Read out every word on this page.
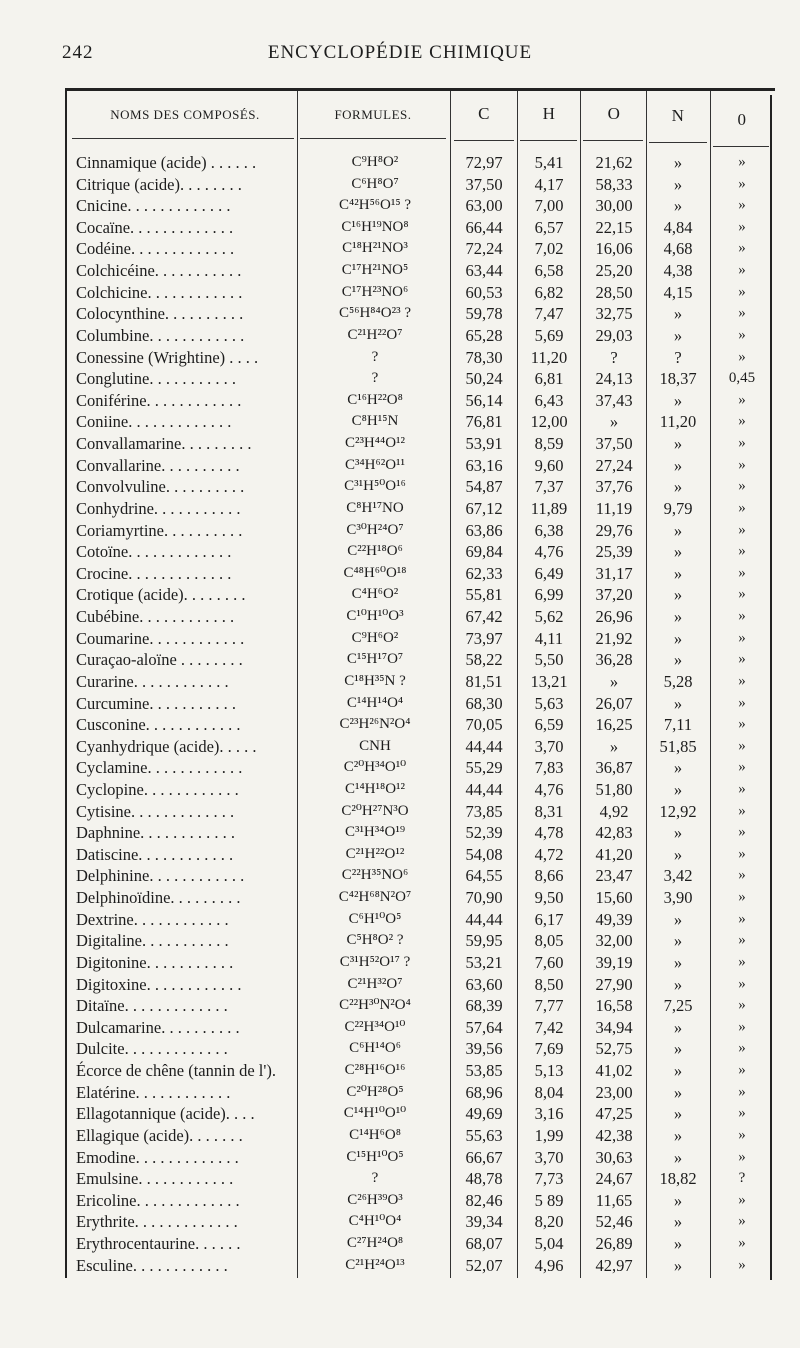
242	ENCYCLOPÉDIE CHIMIQUE
NOMS DES COMPOSÉS.	FORMULES.	C	H	O	N	0
Cinnamique (acide) . . . . . .	C⁹H⁸O²	72,97	5,41	21,62	»	»
Citrique (acide). . . . . . . .	C⁶H⁸O⁷	37,50	4,17	58,33	»	»
Cnicine. . . . . . . . . . . . .	C⁴²H⁵⁶O¹⁵ ?	63,00	7,00	30,00	»	»
Cocaïne. . . . . . . . . . . . .	C¹⁶H¹⁹NO⁸	66,44	6,57	22,15	4,84	»
Codéine. . . . . . . . . . . . .	C¹⁸H²¹NO³	72,24	7,02	16,06	4,68	»
Colchicéine. . . . . . . . . . .	C¹⁷H²¹NO⁵	63,44	6,58	25,20	4,38	»
Colchicine. . . . . . . . . . . .	C¹⁷H²³NO⁶	60,53	6,82	28,50	4,15	»
Colocynthine. . . . . . . . . .	C⁵⁶H⁸⁴O²³ ?	59,78	7,47	32,75	»	»
Columbine. . . . . . . . . . . .	C²¹H²²O⁷	65,28	5,69	29,03	»	»
Conessine (Wrightine) . . . .	?	78,30	11,20	?	?	»
Conglutine. . . . . . . . . . .	?	50,24	6,81	24,13	18,37	0,45
Coniférine. . . . . . . . . . . .	C¹⁶H²²O⁸	56,14	6,43	37,43	»	»
Coniine. . . . . . . . . . . . .	C⁸H¹⁵N	76,81	12,00	»	11,20	»
Convallamarine. . . . . . . . .	C²³H⁴⁴O¹²	53,91	8,59	37,50	»	»
Convallarine. . . . . . . . . .	C³⁴H⁶²O¹¹	63,16	9,60	27,24	»	»
Convolvuline. . . . . . . . . .	C³¹H⁵⁰O¹⁶	54,87	7,37	37,76	»	»
Conhydrine. . . . . . . . . . .	C⁸H¹⁷NO	67,12	11,89	11,19	9,79	»
Coriamyrtine. . . . . . . . . .	C³⁰H²⁴O⁷	63,86	6,38	29,76	»	»
Cotoïne. . . . . . . . . . . . .	C²²H¹⁸O⁶	69,84	4,76	25,39	»	»
Crocine. . . . . . . . . . . . .	C⁴⁸H⁶⁰O¹⁸	62,33	6,49	31,17	»	»
Crotique (acide). . . . . . . .	C⁴H⁶O²	55,81	6,99	37,20	»	»
Cubébine. . . . . . . . . . . .	C¹⁰H¹⁰O³	67,42	5,62	26,96	»	»
Coumarine. . . . . . . . . . . .	C⁹H⁶O²	73,97	4,11	21,92	»	»
Curaçao-aloïne . . . . . . . .	C¹⁵H¹⁷O⁷	58,22	5,50	36,28	»	»
Curarine. . . . . . . . . . . .	C¹⁸H³⁵N ?	81,51	13,21	»	5,28	»
Curcumine. . . . . . . . . . .	C¹⁴H¹⁴O⁴	68,30	5,63	26,07	»	»
Cusconine. . . . . . . . . . . .	C²³H²⁶N²O⁴	70,05	6,59	16,25	7,11	»
Cyanhydrique (acide). . . . .	CNH	44,44	3,70	»	51,85	»
Cyclamine. . . . . . . . . . . .	C²⁰H³⁴O¹⁰	55,29	7,83	36,87	»	»
Cyclopine. . . . . . . . . . . .	C¹⁴H¹⁸O¹²	44,44	4,76	51,80	»	»
Cytisine. . . . . . . . . . . . .	C²⁰H²⁷N³O	73,85	8,31	4,92	12,92	»
Daphnine. . . . . . . . . . . .	C³¹H³⁴O¹⁹	52,39	4,78	42,83	»	»
Datiscine. . . . . . . . . . . .	C²¹H²²O¹²	54,08	4,72	41,20	»	»
Delphinine. . . . . . . . . . . .	C²²H³⁵NO⁶	64,55	8,66	23,47	3,42	»
Delphinoïdine. . . . . . . . .	C⁴²H⁶⁸N²O⁷	70,90	9,50	15,60	3,90	»
Dextrine. . . . . . . . . . . .	C⁶H¹⁰O⁵	44,44	6,17	49,39	»	»
Digitaline. . . . . . . . . . .	C⁵H⁸O² ?	59,95	8,05	32,00	»	»
Digitonine. . . . . . . . . . .	C³¹H⁵²O¹⁷ ?	53,21	7,60	39,19	»	»
Digitoxine. . . . . . . . . . . .	C²¹H³²O⁷	63,60	8,50	27,90	»	»
Ditaïne. . . . . . . . . . . . .	C²²H³⁰N²O⁴	68,39	7,77	16,58	7,25	»
Dulcamarine. . . . . . . . . .	C²²H³⁴O¹⁰	57,64	7,42	34,94	»	»
Dulcite. . . . . . . . . . . . .	C⁶H¹⁴O⁶	39,56	7,69	52,75	»	»
Écorce de chêne (tannin de l').	C²⁸H¹⁶O¹⁶	53,85	5,13	41,02	»	»
Elatérine. . . . . . . . . . . .	C²⁰H²⁸O⁵	68,96	8,04	23,00	»	»
Ellagotannique (acide). . . .	C¹⁴H¹⁰O¹⁰	49,69	3,16	47,25	»	»
Ellagique (acide). . . . . . .	C¹⁴H⁶O⁸	55,63	1,99	42,38	»	»
Emodine. . . . . . . . . . . . .	C¹⁵H¹⁰O⁵	66,67	3,70	30,63	»	»
Emulsine. . . . . . . . . . . .	?	48,78	7,73	24,67	18,82	?
Ericoline. . . . . . . . . . . . .	C²⁶H³⁹O³	82,46	5 89	11,65	»	»
Erythrite. . . . . . . . . . . . .	C⁴H¹⁰O⁴	39,34	8,20	52,46	»	»
Erythrocentaurine. . . . . .	C²⁷H²⁴O⁸	68,07	5,04	26,89	»	»
Esculine. . . . . . . . . . . .	C²¹H²⁴O¹³	52,07	4,96	42,97	»	»
